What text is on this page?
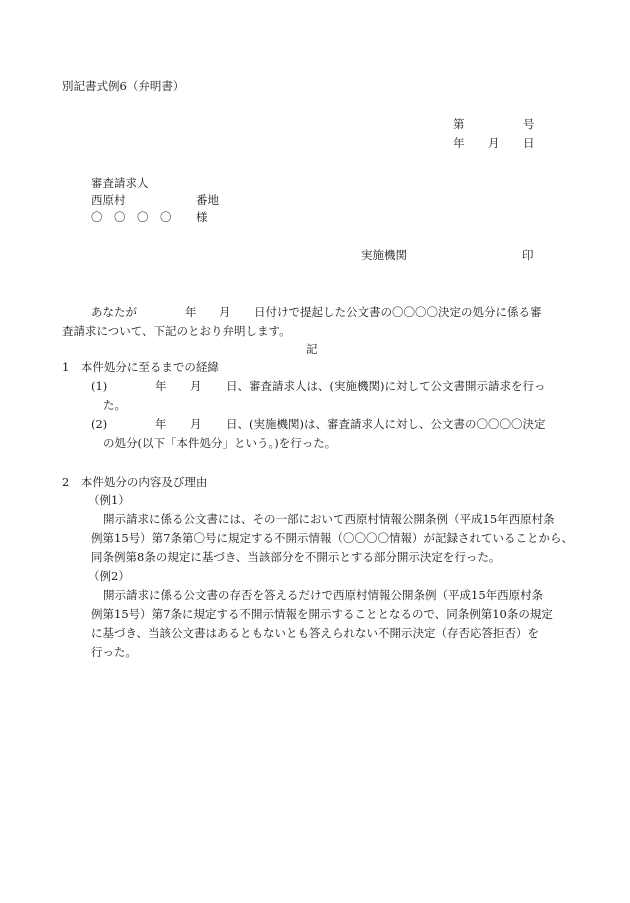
別記書式例6（弁明書）
第	号
年 月 日
審査請求人
西原村	番地
〇 〇 〇 〇 様
実施機関	印
あなたが	年 月 日付けで提起した公文書の〇〇〇〇決定の処分に係る審
査請求について、下記のとおり弁明します。
記
1　本件処分に至るまでの経緯
(1)	年 月 日、審査請求人は、(実施機関)に対して公文書開示請求を行っ
た。
(2)	年 月 日、(実施機関)は、審査請求人に対し、公文書の〇〇〇〇決定
の処分(以下「本件処分」という。)を行った。
2　本件処分の内容及び理由
（例1）
開示請求に係る公文書には、その一部において西原村情報公開条例（平成15年西原村条
例第15号）第7条第〇号に規定する不開示情報（〇〇〇〇情報）が記録されていることから、
同条例第8条の規定に基づき、当該部分を不開示とする部分開示決定を行った。
（例2）
開示請求に係る公文書の存否を答えるだけで西原村情報公開条例（平成15年西原村条
例第15号）第7条に規定する不開示情報を開示することとなるので、同条例第10条の規定
に基づき、当該公文書はあるともないとも答えられない不開示決定（存否応答拒否）を
行った。
